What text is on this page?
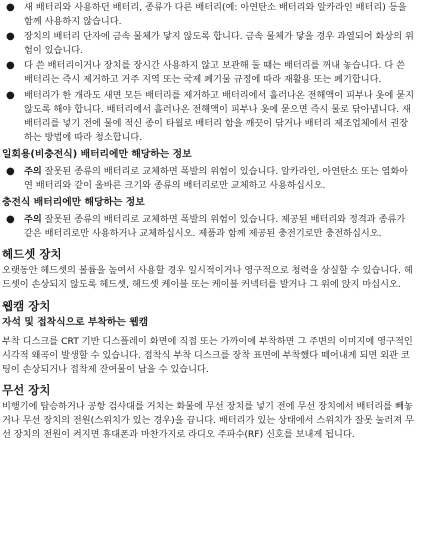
● 새 배터리와 사용하던 배터리, 종류가 다른 배터리(예: 아연탄소 배터리와 알카라인 배터리) 등을 함께 사용하지 않습니다.
● 장치의 배터리 단자에 금속 물체가 닿지 않도록 합니다. 금속 물체가 닿을 경우 과열되어 화상의 위험이 있습니다.
● 다 쓴 배터리이거나 장치를 장시간 사용하지 않고 보관해 둘 때는 배터리를 꺼내 놓습니다. 다 쓴 배터리는 즉시 제거하고 거주 지역 또는 국제 폐기물 규정에 따라 재활용 또는 폐기합니다.
● 배터리가 한 개라도 새면 모든 배터리를 제거하고 배터리에서 흘러나온 전해액이 피부나 옷에 묻지 않도록 해야 합니다. 배터리에서 흘러나온 전해액이 피부나 옷에 묻으면 즉시 물로 닦아냅니다. 새 배터리를 넣기 전에 물에 적신 종이 타월로 배터리 함을 깨끗이 닦거나 배터리 제조업체에서 권장하는 방법에 따라 청소합니다.
일회용(비충전식) 배터리에만 해당하는 정보
● 주의 잘못된 종류의 배터리로 교체하면 폭발의 위험이 있습니다. 알카라인, 아연탄소 또는 염화아연 배터리와 같이 올바른 크기와 종류의 배터리로만 교체하고 사용하십시오.
충전식 배터리에만 해당하는 정보
● 주의 잘못된 종류의 배터리로 교체하면 폭발의 위험이 있습니다. 제공된 배터리와 정격과 종류가 같은 배터리로만 사용하거나 교체하십시오. 제품과 함께 제공된 충전기로만 충전하십시오.
헤드셋 장치

오랫동안 헤드셋의 볼륨을 높여서 사용할 경우 일시적이거나 영구적으로 청력을 상실할 수 있습니다. 헤드셋이 손상되지 않도록 헤드셋, 헤드셋 케이블 또는 케이블 커넥터를 발거나 그 위에 앉지 마십시오.

웹캠 장치
자석 및 접착식으로 부착하는 웹캠

부착 디스크를 CRT 기반 디스플레이 화면에 직접 또는 가까이에 부착하면 그 주변의 이미지에 영구적인 시각적 왜곡이 발생할 수 있습니다. 접착식 부착 디스크를 장착 표면에 부착했다 떼어내게 되면 외관 코팅이 손상되거나 접착제 잔여물이 남을 수 있습니다.

무선 장치

비행기에 탑승하거나 공항 검사대를 거치는 화물에 무선 장치를 넣기 전에 무선 장치에서 배터리를 빼놓거나 무선 장치의 전원(스위치가 있는 경우)을 끕니다. 배터리가 있는 상태에서 스위치가 잘못 눌러져 무선 장치의 전원이 켜지면 휴대폰과 마찬가지로 라디오 주파수(RF) 신호를 보내게 됩니다.
